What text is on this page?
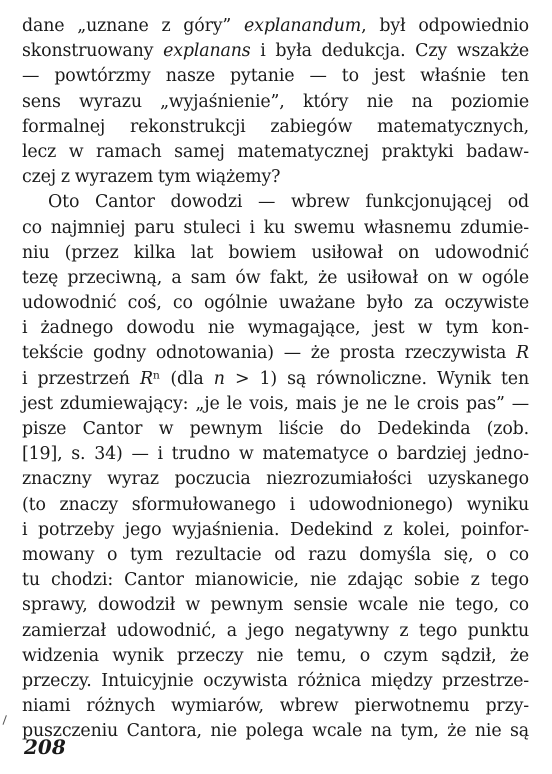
dane „uznane z góry” explanandum, był odpowiednio
skonstruowany explanans i była dedukcja. Czy wszakże
— powtórzmy nasze pytanie — to jest właśnie ten
sens wyrazu „wyjaśnienie”, który nie na poziomie
formalnej rekonstrukcji zabiegów matematycznych,
lecz w ramach samej matematycznej praktyki badaw-
czej z wyrazem tym wiążemy?
Oto Cantor dowodzi — wbrew funkcjonującej od
co najmniej paru stuleci i ku swemu własnemu zdumie-
niu (przez kilka lat bowiem usiłował on udowodnić
tezę przeciwną, a sam ów fakt, że usiłował on w ogóle
udowodnić coś, co ogólnie uważane było za oczywiste
i żadnego dowodu nie wymagające, jest w tym kon-
tekście godny odnotowania) — że prosta rzeczywista R
i przestrzeń Rⁿ (dla n > 1) są równoliczne. Wynik ten
jest zdumiewający: „je le vois, mais je ne le crois pas” —
pisze Cantor w pewnym liście do Dedekinda (zob.
[19], s. 34) — i trudno w matematyce o bardziej jedno-
znaczny wyraz poczucia niezrozumiałości uzyskanego
(to znaczy sformułowanego i udowodnionego) wyniku
i potrzeby jego wyjaśnienia. Dedekind z kolei, poinfor-
mowany o tym rezultacie od razu domyśla się, o co
tu chodzi: Cantor mianowicie, nie zdając sobie z tego
sprawy, dowodził w pewnym sensie wcale nie tego, co
zamierzał udowodnić, a jego negatywny z tego punktu
widzenia wynik przeczy nie temu, o czym sądził, że
przeczy. Intuicyjnie oczywista różnica między przestrze-
niami różnych wymiarów, wbrew pierwotnemu przy-
puszczeniu Cantora, nie polega wcale na tym, że nie są
208
